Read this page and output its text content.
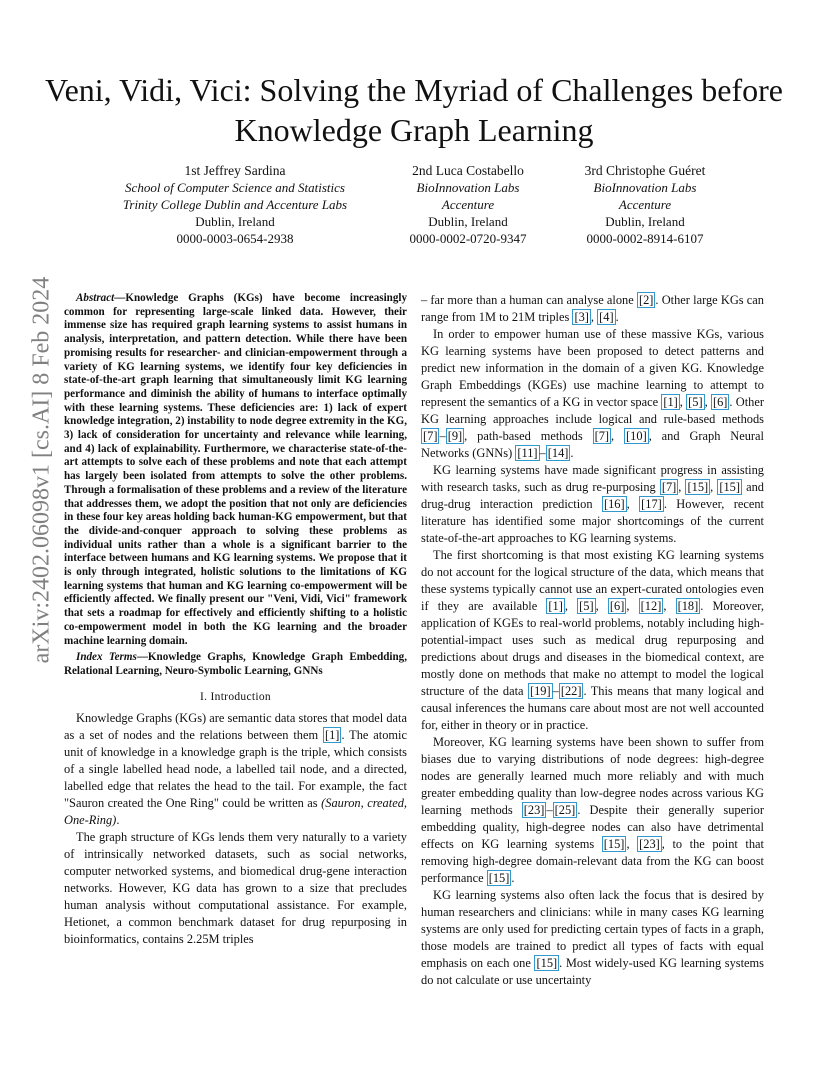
arXiv:2402.06098v1 [cs.AI] 8 Feb 2024
Veni, Vidi, Vici: Solving the Myriad of Challenges before Knowledge Graph Learning
1st Jeffrey Sardina
School of Computer Science and Statistics
Trinity College Dublin and Accenture Labs
Dublin, Ireland
0000-0003-0654-2938
2nd Luca Costabello
BioInnovation Labs
Accenture
Dublin, Ireland
0000-0002-0720-9347
3rd Christophe Guéret
BioInnovation Labs
Accenture
Dublin, Ireland
0000-0002-8914-6107

Abstract—Knowledge Graphs (KGs) have become increasingly common for representing large-scale linked data. However, their immense size has required graph learning systems to assist humans in analysis, interpretation, and pattern detection. While there have been promising results for researcher- and clinician-empowerment through a variety of KG learning systems, we identify four key deficiencies in state-of-the-art graph learning that simultaneously limit KG learning performance and diminish the ability of humans to interface optimally with these learning systems. These deficiencies are: 1) lack of expert knowledge integration, 2) instability to node degree extremity in the KG, 3) lack of consideration for uncertainty and relevance while learning, and 4) lack of explainability. Furthermore, we characterise state-of-the-art attempts to solve each of these problems and note that each attempt has largely been isolated from attempts to solve the other problems. Through a formalisation of these problems and a review of the literature that addresses them, we adopt the position that not only are deficiencies in these four key areas holding back human-KG empowerment, but that the divide-and-conquer approach to solving these problems as individual units rather than a whole is a significant barrier to the interface between humans and KG learning systems. We propose that it is only through integrated, holistic solutions to the limitations of KG learning systems that human and KG learning co-empowerment will be efficiently affected. We finally present our "Veni, Vidi, Vici" framework that sets a roadmap for effectively and efficiently shifting to a holistic co-empowerment model in both the KG learning and the broader machine learning domain.

Index Terms—Knowledge Graphs, Knowledge Graph Embedding, Relational Learning, Neuro-Symbolic Learning, GNNs

I. Introduction

Knowledge Graphs (KGs) are semantic data stores that model data as a set of nodes and the relations between them [1] . The atomic unit of knowledge in a knowledge graph is the triple, which consists of a single labelled head node, a labelled tail node, and a directed, labelled edge that relates the head to the tail. For example, the fact "Sauron created the One Ring" could be written as (Sauron, created, One-Ring).

The graph structure of KGs lends them very naturally to a variety of intrinsically networked datasets, such as social networks, computer networked systems, and biomedical drug-gene interaction networks. However, KG data has grown to a size that precludes human analysis without computational assistance. For example, Hetionet, a common benchmark dataset for drug repurposing in bioinformatics, contains 2.25M triples

– far more than a human can analyse alone [2] . Other large KGs can range from 1M to 21M triples [3] , [4] .

In order to empower human use of these massive KGs, various KG learning systems have been proposed to detect patterns and predict new information in the domain of a given KG. Knowledge Graph Embeddings (KGEs) use machine learning to attempt to represent the semantics of a KG in vector space [1] , [5] , [6] . Other KG learning approaches include logical and rule-based methods [7] – [9] , path-based methods [7] , [10] , and Graph Neural Networks (GNNs) [11] – [14] .

KG learning systems have made significant progress in assisting with research tasks, such as drug re-purposing [7] , [15] , [15] and drug-drug interaction prediction [16] , [17] . However, recent literature has identified some major shortcomings of the current state-of-the-art approaches to KG learning systems.

The first shortcoming is that most existing KG learning systems do not account for the logical structure of the data, which means that these systems typically cannot use an expert-curated ontologies even if they are available [1] , [5] , [6] , [12] , [18] . Moreover, application of KGEs to real-world problems, notably including high-potential-impact uses such as medical drug repurposing and predictions about drugs and diseases in the biomedical context, are mostly done on methods that make no attempt to model the logical structure of the data [19] – [22] . This means that many logical and causal inferences the humans care about most are not well accounted for, either in theory or in practice.

Moreover, KG learning systems have been shown to suffer from biases due to varying distributions of node degrees: high-degree nodes are generally learned much more reliably and with much greater embedding quality than low-degree nodes across various KG learning methods [23] – [25] . Despite their generally superior embedding quality, high-degree nodes can also have detrimental effects on KG learning systems [15] , [23] , to the point that removing high-degree domain-relevant data from the KG can boost performance [15] .

KG learning systems also often lack the focus that is desired by human researchers and clinicians: while in many cases KG learning systems are only used for predicting certain types of facts in a graph, those models are trained to predict all types of facts with equal emphasis on each one [15] . Most widely-used KG learning systems do not calculate or use uncertainty
